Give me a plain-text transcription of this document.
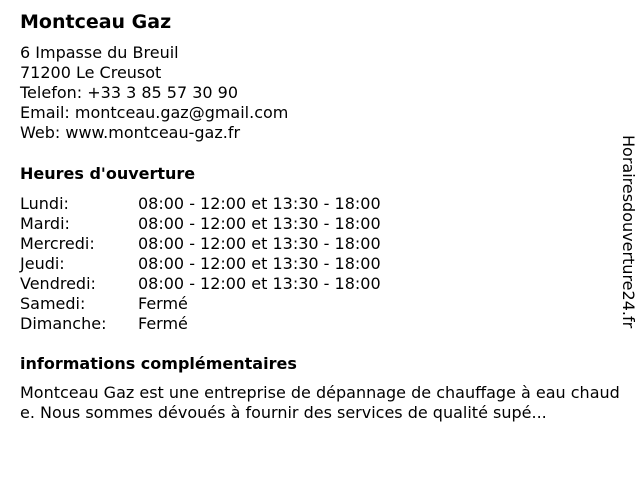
Montceau Gaz
6 Impasse du Breuil
71200 Le Creusot
Telefon: +33 3 85 57 30 90
Email: montceau.gaz@gmail.com
Web: www.montceau-gaz.fr
Heures d'ouverture
Lundi:	08:00 - 12:00 et 13:30 - 18:00
Mardi:	08:00 - 12:00 et 13:30 - 18:00
Mercredi:	08:00 - 12:00 et 13:30 - 18:00
Jeudi:	08:00 - 12:00 et 13:30 - 18:00
Vendredi:	08:00 - 12:00 et 13:30 - 18:00
Samedi:	Fermé
Dimanche:	Fermé
informations complémentaires
Montceau Gaz est une entreprise de dépannage de chauffage à eau chaude. Nous sommes dévoués à fournir des services de qualité supé...
Horairesdouverture24.fr
